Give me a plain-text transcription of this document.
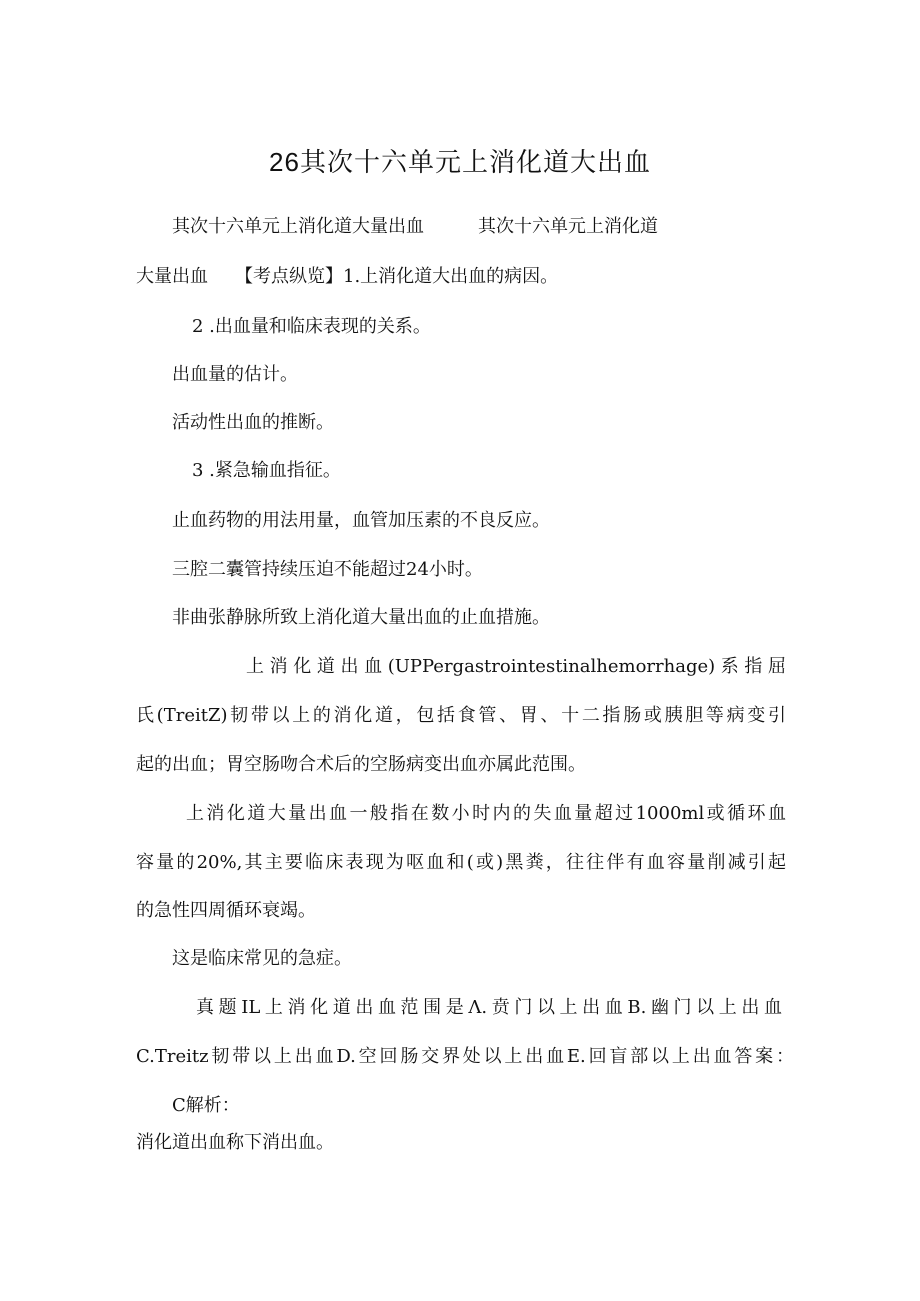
26其次十六单元上消化道大出血
其次十六单元上消化道大量出血　　　其次十六单元上消化道
大量出血　　【考点纵览】1.上消化道大出血的病因。
2 .出血量和临床表现的关系。
出血量的估计。
活动性出血的推断。
3 .紧急输血指征。
止血药物的用法用量，血管加压素的不良反应。
三腔二囊管持续压迫不能超过24小时。
非曲张静脉所致上消化道大量出血的止血措施。
上消化道出血(UPPergastrointestinalhemorrhage)系指屈
氏(TreitZ)韧带以上的消化道，包括食管、胃、十二指肠或胰胆等病变引
起的出血；胃空肠吻合术后的空肠病变出血亦属此范围。
上消化道大量出血一般指在数小时内的失血量超过1000ml或循环血
容量的20%,其主要临床表现为呕血和(或)黑粪，往往伴有血容量削减引起
的急性四周循环衰竭。
这是临床常见的急症。
真题IL上消化道出血范围是Λ.贲门以上出血B.幽门以上出血
C.Treitz韧带以上出血D.空回肠交界处以上出血E.回盲部以上出血答案：
C解析：
消化道出血称下消出血。
